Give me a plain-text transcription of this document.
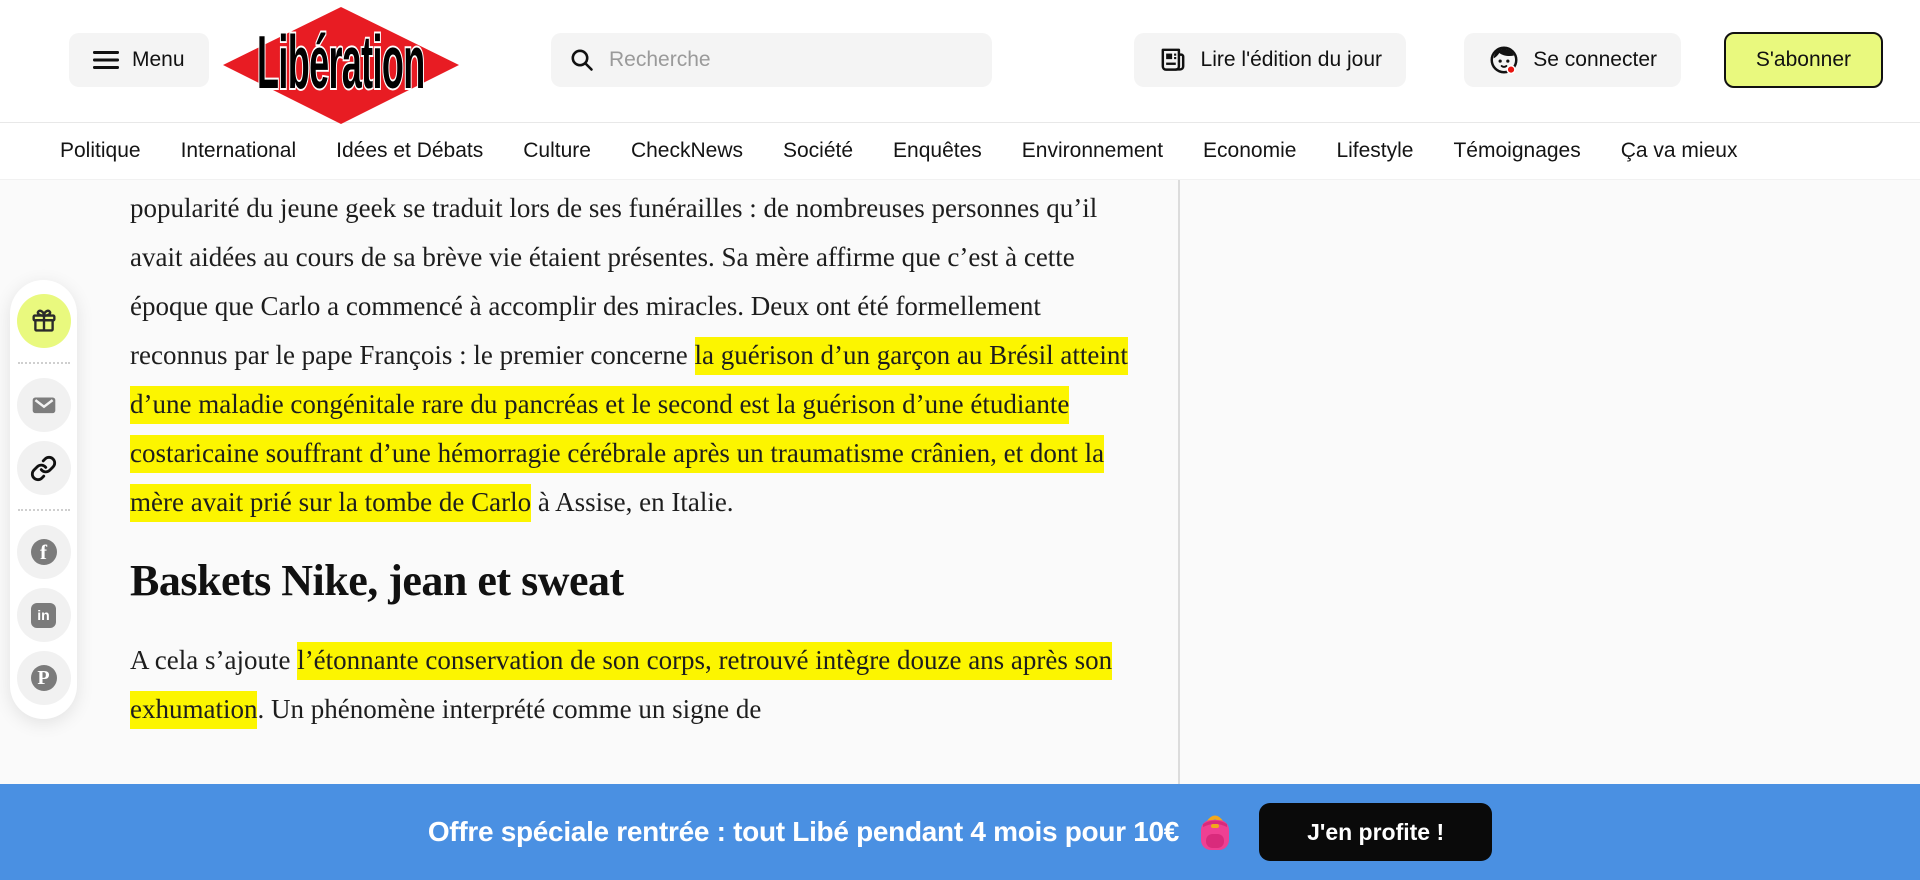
Menu Libération
Recherche	Lire l'édition du jour	Se connecter	S'abonner
Politique International Idées et Débats Culture CheckNews Société Enquêtes Environnement Economie Lifestyle Témoignages Ça va mieux
f
in
P

popularité du jeune geek se traduit lors de ses funérailles : de nombreuses personnes qu’il avait aidées au cours de sa brève vie étaient présentes. Sa mère affirme que c’est à cette époque que Carlo a commencé à accomplir des miracles. Deux ont été formellement reconnus par le pape François : le premier concerne la guérison d’un garçon au Brésil atteint d’une maladie congénitale rare du pancréas et le second est la guérison d’une étudiante costaricaine souffrant d’une hémorragie cérébrale après un traumatisme crânien, et dont la mère avait prié sur la tombe de Carlo à Assise, en Italie.

Baskets Nike, jean et sweat

A cela s’ajoute l’étonnante conservation de son corps, retrouvé intègre douze ans après son exhumation. Un phénomène interprété comme un signe de

Offre spéciale rentrée : tout Libé pendant 4 mois pour 10€	J'en profite !
